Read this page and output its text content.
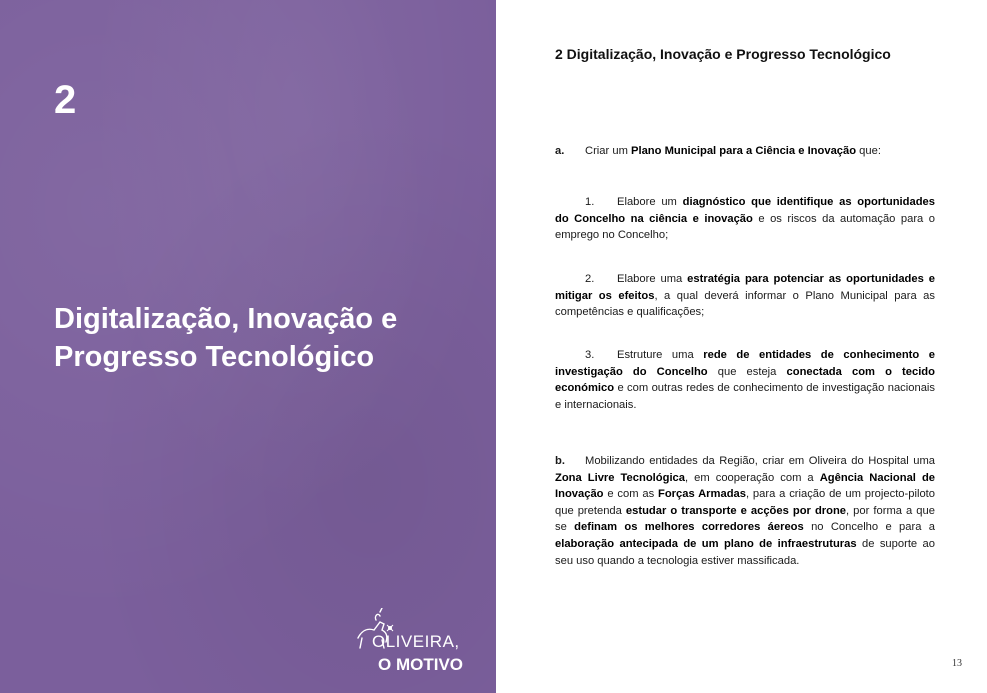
2
Digitalização, Inovação e Progresso Tecnológico
OLIVEIRA,
O MOTIVO
2 Digitalização, Inovação e Progresso Tecnológico

a. Criar um Plano Municipal para a Ciência e Inovação que:

1. Elabore um diagnóstico que identifique as oportunidades do Concelho na ciência e inovação e os riscos da automação para o emprego no Concelho;

2. Elabore uma estratégia para potenciar as oportunidades e mitigar os efeitos, a qual deverá informar o Plano Municipal para as competências e qualificações;

3. Estruture uma rede de entidades de conhecimento e investigação do Concelho que esteja conectada com o tecido económico e com outras redes de conhecimento de investigação nacionais e internacionais.

b. Mobilizando entidades da Região, criar em Oliveira do Hospital uma Zona Livre Tecnológica, em cooperação com a Agência Nacional de Inovação e com as Forças Armadas, para a criação de um projecto-piloto que pretenda estudar o transporte e acções por drone, por forma a que se definam os melhores corredores áereos no Concelho e para a elaboração antecipada de um plano de infraestruturas de suporte ao seu uso quando a tecnologia estiver massificada.

13
